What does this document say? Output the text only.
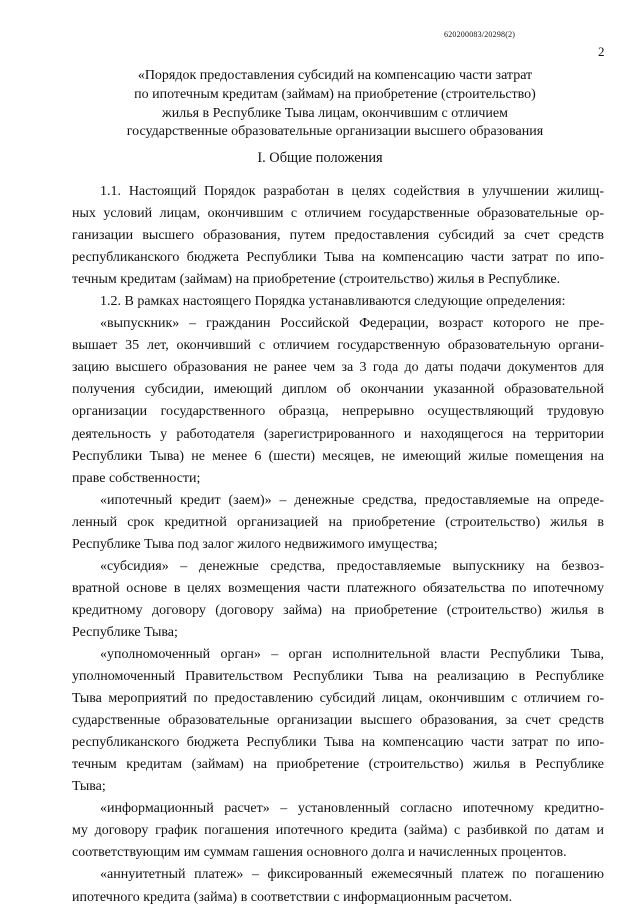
620200083/20298(2)
2
«Порядок предоставления субсидий на компенсацию части затрат
по ипотечным кредитам (займам) на приобретение (строительство)
жилья в Республике Тыва лицам, окончившим с отличием
государственные образовательные организации высшего образования
I. Общие положения
1.1. Настоящий Порядок разработан в целях содействия в улучшении жилищ-
ных условий лицам, окончившим с отличием государственные образовательные ор-
ганизации высшего образования, путем предоставления субсидий за счет средств
республиканского бюджета Республики Тыва на компенсацию части затрат по ипо-
течным кредитам (займам) на приобретение (строительство) жилья в Республике.
1.2. В рамках настоящего Порядка устанавливаются следующие определения:
«выпускник» – гражданин Российской Федерации, возраст которого не пре-
вышает 35 лет, окончивший с отличием государственную образовательную органи-
зацию высшего образования не ранее чем за 3 года до даты подачи документов для
получения субсидии, имеющий диплом об окончании указанной образовательной
организации государственного образца, непрерывно осуществляющий трудовую
деятельность у работодателя (зарегистрированного и находящегося на территории
Республики Тыва) не менее 6 (шести) месяцев, не имеющий жилые помещения на
праве собственности;
«ипотечный кредит (заем)» – денежные средства, предоставляемые на опреде-
ленный срок кредитной организацией на приобретение (строительство) жилья в
Республике Тыва под залог жилого недвижимого имущества;
«субсидия» – денежные средства, предоставляемые выпускнику на безвоз-
вратной основе в целях возмещения части платежного обязательства по ипотечному
кредитному договору (договору займа) на приобретение (строительство) жилья в
Республике Тыва;
«уполномоченный орган» – орган исполнительной власти Республики Тыва,
уполномоченный Правительством Республики Тыва на реализацию в Республике
Тыва мероприятий по предоставлению субсидий лицам, окончившим с отличием го-
сударственные образовательные организации высшего образования, за счет средств
республиканского бюджета Республики Тыва на компенсацию части затрат по ипо-
течным кредитам (займам) на приобретение (строительство) жилья в Республике
Тыва;
«информационный расчет» – установленный согласно ипотечному кредитно-
му договору график погашения ипотечного кредита (займа) с разбивкой по датам и
соответствующим им суммам гашения основного долга и начисленных процентов.
«аннуитетный платеж» – фиксированный ежемесячный платеж по погашению
ипотечного кредита (займа) в соответствии с информационным расчетом.
